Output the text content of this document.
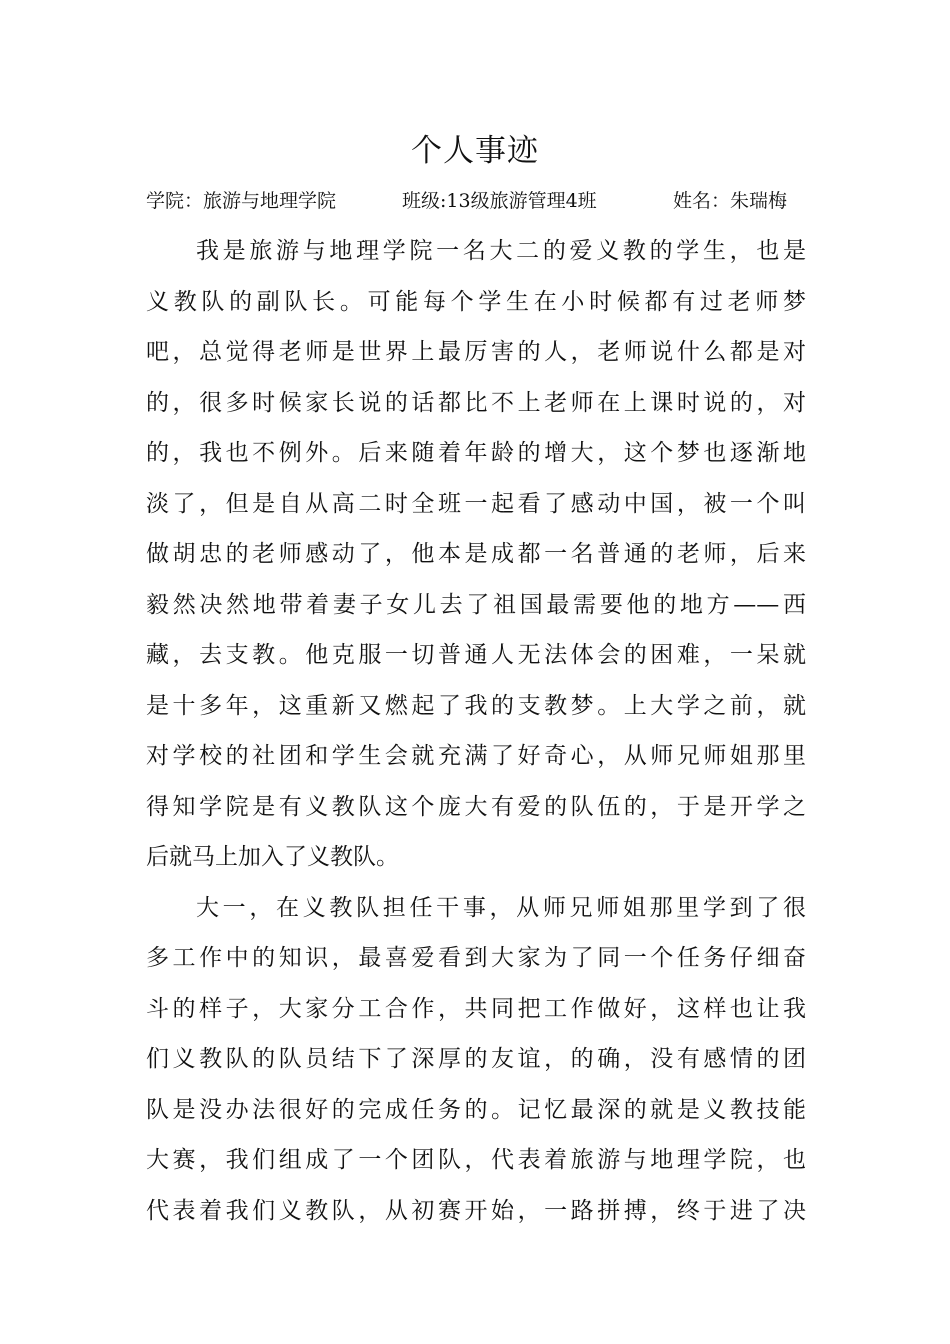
个人事迹
学院：旅游与地理学院	班级:13级旅游管理4班	姓名：朱瑞梅
我是旅游与地理学院一名大二的爱义教的学生，也是
义教队的副队长。可能每个学生在小时候都有过老师梦
吧，总觉得老师是世界上最厉害的人，老师说什么都是对
的，很多时候家长说的话都比不上老师在上课时说的，对
的，我也不例外。后来随着年龄的增大，这个梦也逐渐地
淡了，但是自从高二时全班一起看了感动中国，被一个叫
做胡忠的老师感动了，他本是成都一名普通的老师，后来
毅然决然地带着妻子女儿去了祖国最需要他的地方——西
藏，去支教。他克服一切普通人无法体会的困难，一呆就
是十多年，这重新又燃起了我的支教梦。上大学之前，就
对学校的社团和学生会就充满了好奇心，从师兄师姐那里
得知学院是有义教队这个庞大有爱的队伍的，于是开学之
后就马上加入了义教队。
大一，在义教队担任干事，从师兄师姐那里学到了很
多工作中的知识，最喜爱看到大家为了同一个任务仔细奋
斗的样子，大家分工合作，共同把工作做好，这样也让我
们义教队的队员结下了深厚的友谊，的确，没有感情的团
队是没办法很好的完成任务的。记忆最深的就是义教技能
大赛，我们组成了一个团队，代表着旅游与地理学院，也
代表着我们义教队，从初赛开始，一路拼搏，终于进了决
